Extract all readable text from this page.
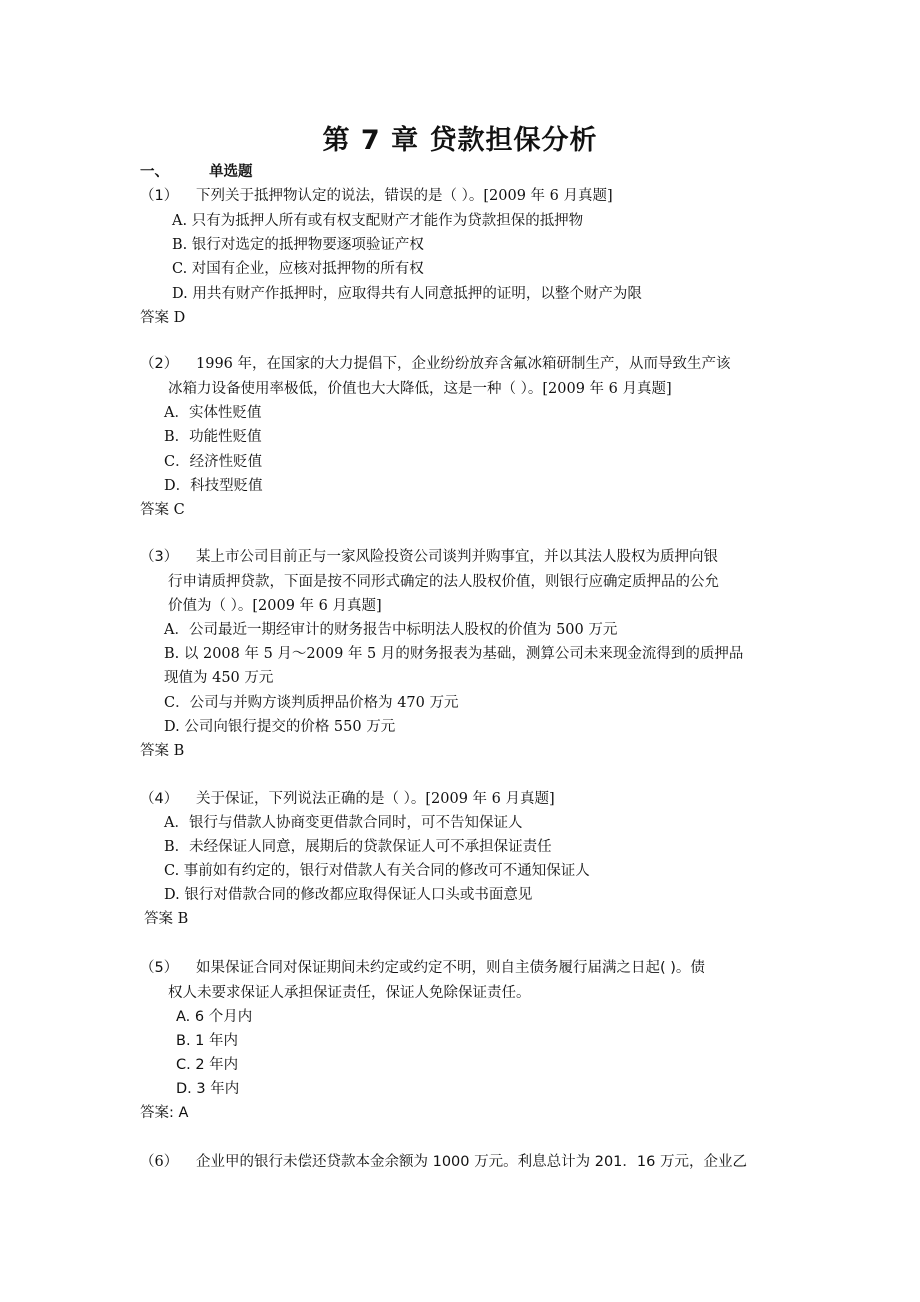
第 7 章 贷款担保分析
一、	单选题
（1） 下列关于抵押物认定的说法，错误的是（ ）。[2009 年 6 月真题]
A. 只有为抵押人所有或有权支配财产才能作为贷款担保的抵押物
B. 银行对选定的抵押物要逐项验证产权
C. 对国有企业，应核对抵押物的所有权
D. 用共有财产作抵押时，应取得共有人同意抵押的证明，以整个财产为限
答案 D
（2） 1996 年，在国家的大力提倡下，企业纷纷放弃含氟冰箱研制生产，从而导致生产该
冰箱力设备使用率极低，价值也大大降低，这是一种（ ）。[2009 年 6 月真题]
A．实体性贬值
B．功能性贬值
C．经济性贬值
D．科技型贬值
答案 C
（3） 某上市公司目前正与一家风险投资公司谈判并购事宜，并以其法人股权为质押向银
行申请质押贷款，下面是按不同形式确定的法人股权价值，则银行应确定质押品的公允
价值为（ ）。[2009 年 6 月真题]
A．公司最近一期经审计的财务报告中标明法人股权的价值为 500 万元
B. 以 2008 年 5 月～2009 年 5 月的财务报表为基础，测算公司未来现金流得到的质押品
现值为 450 万元
C．公司与并购方谈判质押品价格为 470 万元
D. 公司向银行提交的价格 550 万元
答案 B
（4） 关于保证，下列说法正确的是（ ）。[2009 年 6 月真题]
A．银行与借款人协商变更借款合同时，可不告知保证人
B．未经保证人同意，展期后的贷款保证人可不承担保证责任
C. 事前如有约定的，银行对借款人有关合同的修改可不通知保证人
D. 银行对借款合同的修改都应取得保证人口头或书面意见
答案 B
（5） 如果保证合同对保证期间未约定或约定不明，则自主债务履行届满之日起( )。债
权人未要求保证人承担保证责任，保证人免除保证责任。
A. 6 个月内
B. 1 年内
C. 2 年内
D. 3 年内
答案: A
（6） 企业甲的银行未偿还贷款本金余额为 1000 万元。利息总计为 201．16 万元，企业乙
